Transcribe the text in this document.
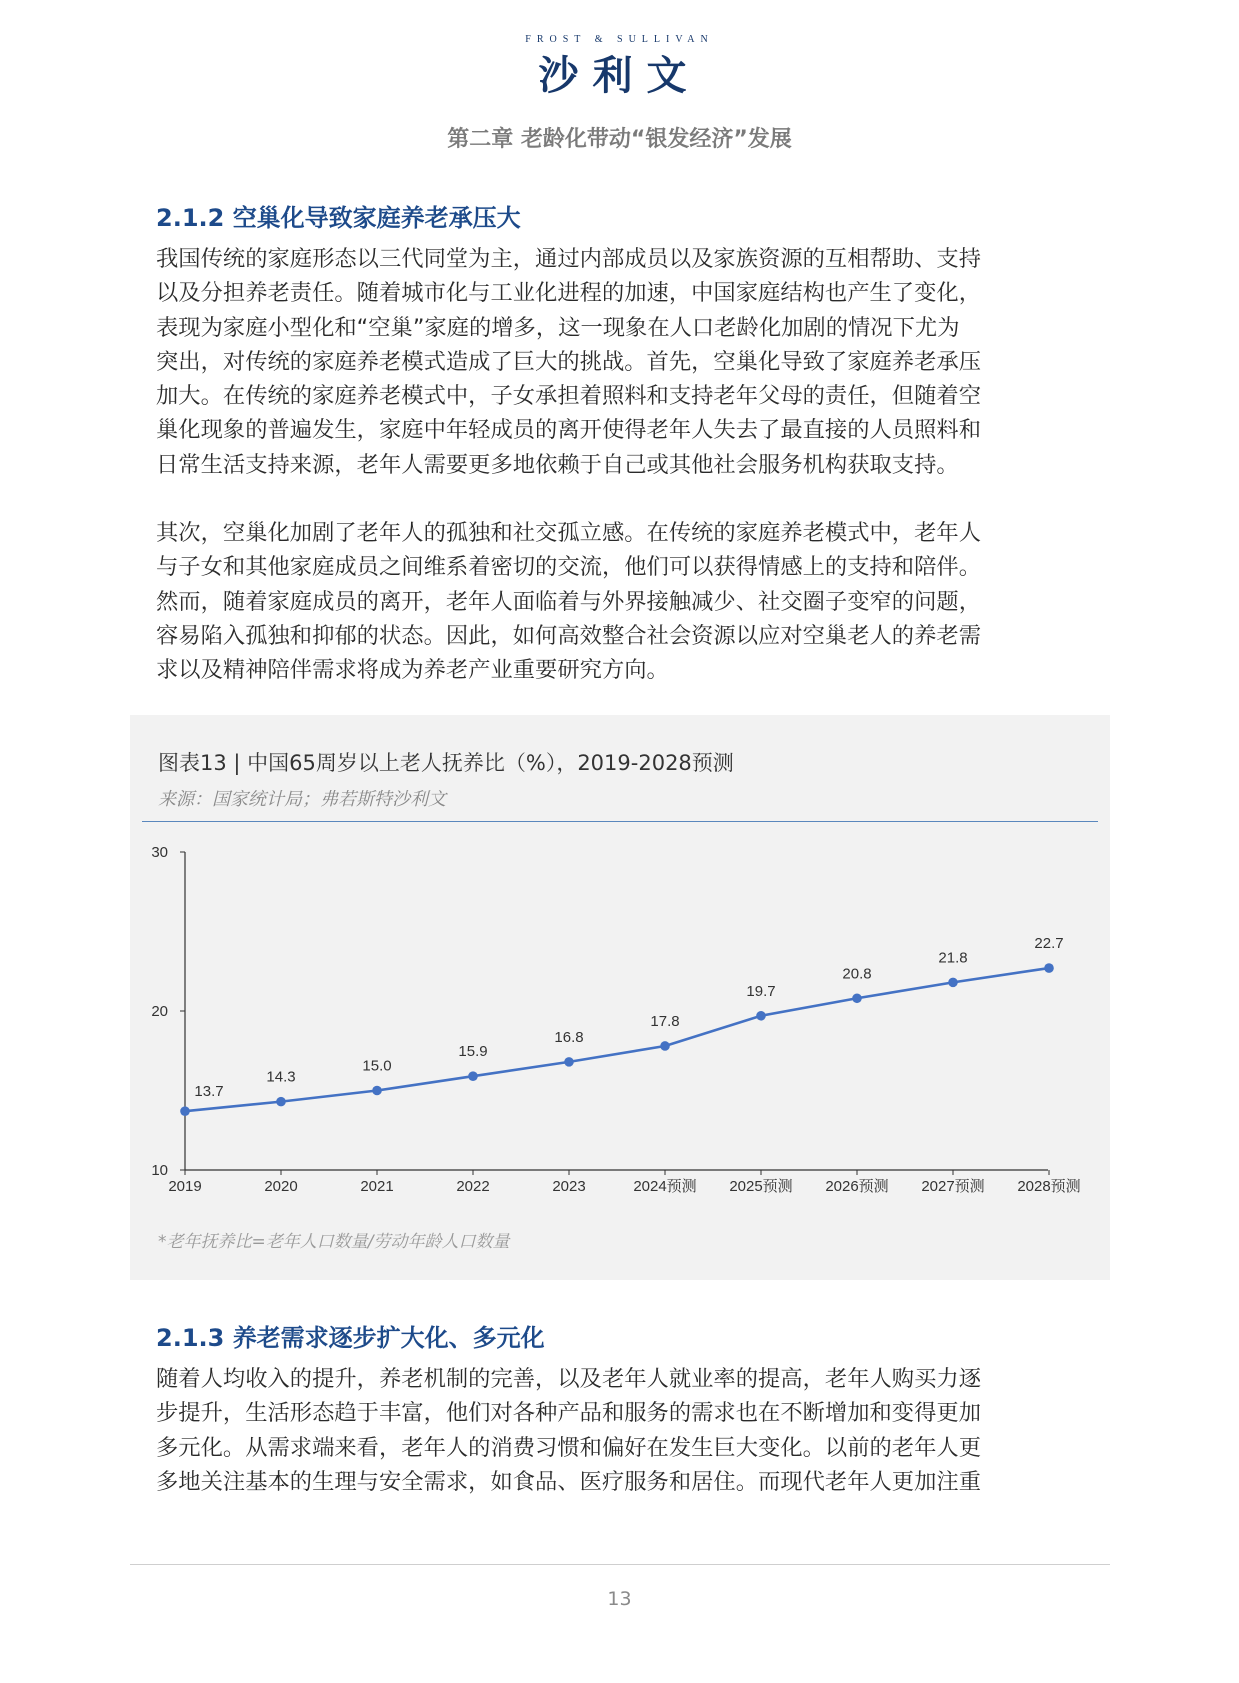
FROST & SULLIVAN
沙利文
第二章 老龄化带动“银发经济”发展
2.1.2 空巢化导致家庭养老承压大

我国传统的家庭形态以三代同堂为主，通过内部成员以及家族资源的互相帮助、支持
以及分担养老责任。随着城市化与工业化进程的加速，中国家庭结构也产生了变化，
表现为家庭小型化和“空巢”家庭的增多，这一现象在人口老龄化加剧的情况下尤为
突出，对传统的家庭养老模式造成了巨大的挑战。首先，空巢化导致了家庭养老承压
加大。在传统的家庭养老模式中，子女承担着照料和支持老年父母的责任，但随着空
巢化现象的普遍发生，家庭中年轻成员的离开使得老年人失去了最直接的人员照料和
日常生活支持来源，老年人需要更多地依赖于自己或其他社会服务机构获取支持。

其次，空巢化加剧了老年人的孤独和社交孤立感。在传统的家庭养老模式中，老年人
与子女和其他家庭成员之间维系着密切的交流，他们可以获得情感上的支持和陪伴。
然而，随着家庭成员的离开，老年人面临着与外界接触减少、社交圈子变窄的问题，
容易陷入孤独和抑郁的状态。因此，如何高效整合社会资源以应对空巢老人的养老需
求以及精神陪伴需求将成为养老产业重要研究方向。

图表13 | 中国65周岁以上老人抚养比（%），2019-2028预测
来源：国家统计局；弗若斯特沙利文
10
20
30
2019	2020	2021	2022	2023	2024预测 2025预测 2026预测 2027预测 2028预测
13.7
14.3
15.0
15.9
16.8
17.8
19.7
20.8
21.8
22.7
*老年抚养比=老年人口数量/劳动年龄人口数量
2.1.3 养老需求逐步扩大化、多元化

随着人均收入的提升，养老机制的完善，以及老年人就业率的提高，老年人购买力逐
步提升，生活形态趋于丰富，他们对各种产品和服务的需求也在不断增加和变得更加
多元化。从需求端来看，老年人的消费习惯和偏好在发生巨大变化。以前的老年人更
多地关注基本的生理与安全需求，如食品、医疗服务和居住。而现代老年人更加注重

13
